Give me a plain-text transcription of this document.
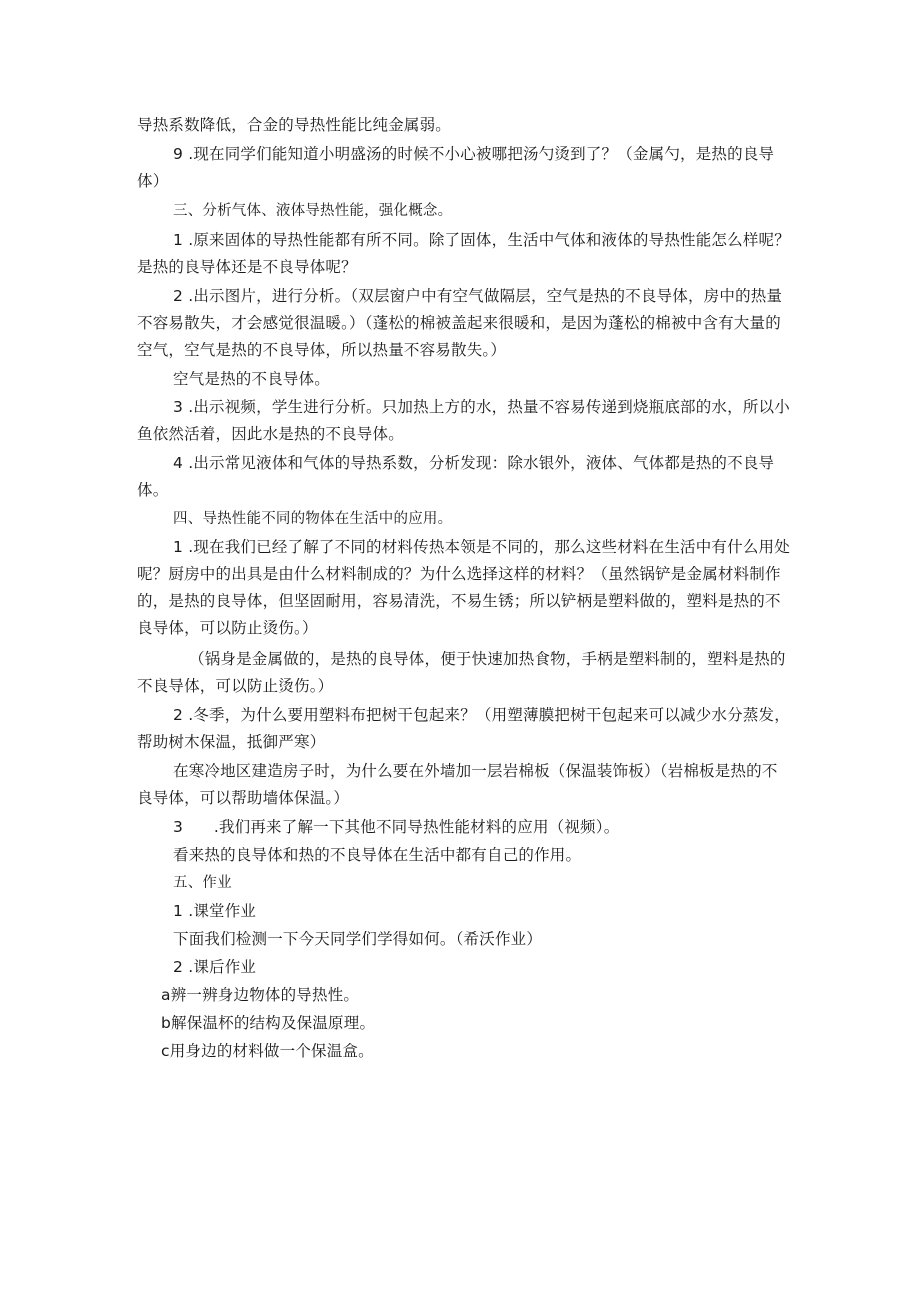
导热系数降低，合金的导热性能比纯金属弱。
9 .现在同学们能知道小明盛汤的时候不小心被哪把汤勺烫到了？（金属勺，是热的良导体）
三、分析气体、液体导热性能，强化概念。
1 .原来固体的导热性能都有所不同。除了固体，生活中气体和液体的导热性能怎么样呢？是热的良导体还是不良导体呢？
2 .出示图片，进行分析。（双层窗户中有空气做隔层，空气是热的不良导体，房中的热量不容易散失，才会感觉很温暖。）（蓬松的棉被盖起来很暖和，是因为蓬松的棉被中含有大量的空气，空气是热的不良导体，所以热量不容易散失。）
空气是热的不良导体。
3 .出示视频，学生进行分析。只加热上方的水，热量不容易传递到烧瓶底部的水，所以小鱼依然活着，因此水是热的不良导体。
4 .出示常见液体和气体的导热系数，分析发现：除水银外，液体、气体都是热的不良导体。
四、导热性能不同的物体在生活中的应用。
1 .现在我们已经了解了不同的材料传热本领是不同的，那么这些材料在生活中有什么用处呢？厨房中的出具是由什么材料制成的？为什么选择这样的材料？（虽然锅铲是金属材料制作的，是热的良导体，但坚固耐用，容易清洗，不易生锈；所以铲柄是塑料做的，塑料是热的不良导体，可以防止烫伤。）
（锅身是金属做的，是热的良导体，便于快速加热食物，手柄是塑料制的，塑料是热的不良导体，可以防止烫伤。）
2 .冬季，为什么要用塑料布把树干包起来？（用塑薄膜把树干包起来可以减少水分蒸发，帮助树木保温，抵御严寒）
在寒冷地区建造房子时，为什么要在外墙加一层岩棉板（保温装饰板）（岩棉板是热的不良导体，可以帮助墙体保温。）
3      .我们再来了解一下其他不同导热性能材料的应用（视频）。
看来热的良导体和热的不良导体在生活中都有自己的作用。
五、作业
1 .课堂作业
下面我们检测一下今天同学们学得如何。（希沃作业）
2 .课后作业
a辨一辨身边物体的导热性。
b解保温杯的结构及保温原理。
c用身边的材料做一个保温盒。
